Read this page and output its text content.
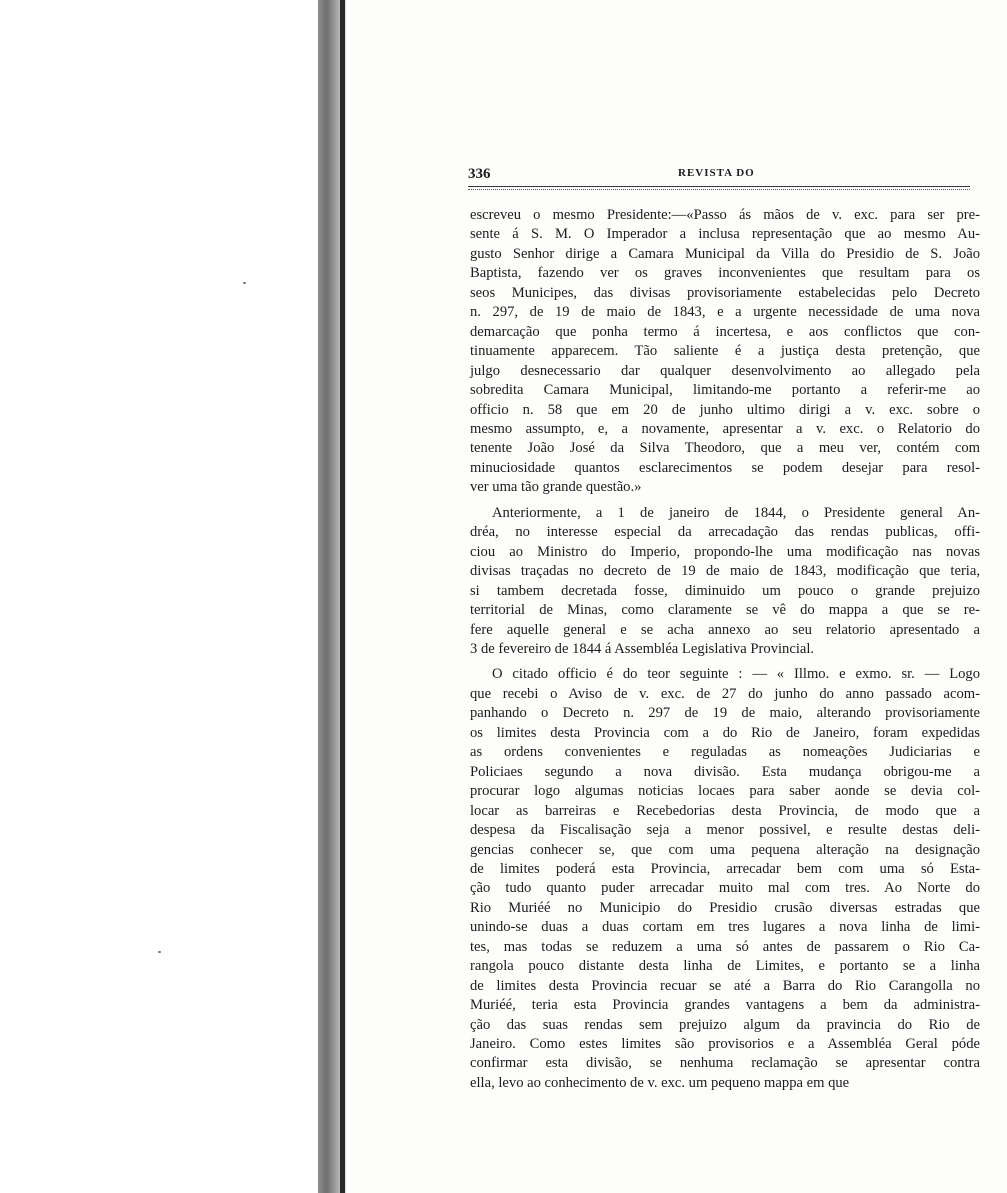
336	REVISTA DO
escreveu o mesmo Presidente:—«Passo ás mãos de v. exc. para ser pre-
sente á S. M. O Imperador a inclusa representação que ao mesmo Au-
gusto Senhor dirige a Camara Municipal da Villa do Presidio de S. João
Baptista, fazendo ver os graves inconvenientes que resultam para os
seos Municipes, das divisas provisoriamente estabelecidas pelo Decreto
n. 297, de 19 de maio de 1843, e a urgente necessidade de uma nova
demarcação que ponha termo á incertesa, e aos conflictos que con-
tinuamente apparecem. Tão saliente é a justiça desta pretenção, que
julgo desnecessario dar qualquer desenvolvimento ao allegado pela
sobredita Camara Municipal, limitando-me portanto a referir-me ao
officio n. 58 que em 20 de junho ultimo dirigi a v. exc. sobre o
mesmo assumpto, e, a novamente, apresentar a v. exc. o Relatorio do
tenente João José da Silva Theodoro, que a meu ver, contém com
minuciosidade quantos esclarecimentos se podem desejar para resol-
ver uma tão grande questão.»
Anteriormente, a 1 de janeiro de 1844, o Presidente general An-
dréa, no interesse especial da arrecadação das rendas publicas, offi-
ciou ao Ministro do Imperio, propondo-lhe uma modificação nas novas
divisas traçadas no decreto de 19 de maio de 1843, modificação que teria,
si tambem decretada fosse, diminuido um pouco o grande prejuizo
territorial de Minas, como claramente se vê do mappa a que se re-
fere aquelle general e se acha annexo ao seu relatorio apresentado a
3 de fevereiro de 1844 á Assembléa Legislativa Provincial.
O citado officio é do teor seguinte : — « Illmo. e exmo. sr. — Logo
que recebi o Aviso de v. exc. de 27 do junho do anno passado acom-
panhando o Decreto n. 297 de 19 de maio, alterando provisoriamente
os limites desta Provincia com a do Rio de Janeiro, foram expedidas
as ordens convenientes e reguladas as nomeações Judiciarias e
Policiaes segundo a nova divisão. Esta mudança obrigou-me a
procurar logo algumas noticias locaes para saber aonde se devia col-
locar as barreiras e Recebedorias desta Provincia, de modo que a
despesa da Fiscalisação seja a menor possivel, e resulte destas deli-
gencias conhecer se, que com uma pequena alteração na designação
de limites poderá esta Provincia, arrecadar bem com uma só Esta-
ção tudo quanto puder arrecadar muito mal com tres. Ao Norte do
Rio Muriéé no Municipio do Presidio crusão diversas estradas que
unindo-se duas a duas cortam em tres lugares a nova linha de limi-
tes, mas todas se reduzem a uma só antes de passarem o Rio Ca-
rangola pouco distante desta linha de Limites, e portanto se a linha
de limites desta Provincia recuar se até a Barra do Rio Carangolla no
Muriéé, teria esta Provincia grandes vantagens a bem da administra-
ção das suas rendas sem prejuizo algum da pravincia do Rio de
Janeiro. Como estes limites são provisorios e a Assembléa Geral póde
confirmar esta divisão, se nenhuma reclamação se apresentar contra
ella, levo ao conhecimento de v. exc. um pequeno mappa em que
